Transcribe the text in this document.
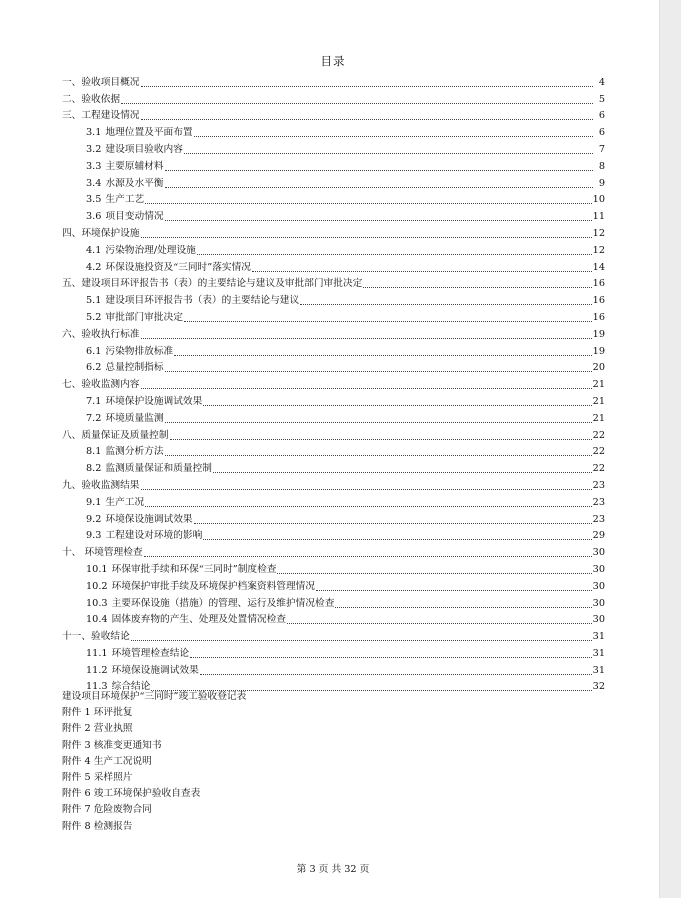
目录
一、验收项目概况	4
二、验收依据	5
三、工程建设情况	6
3.1 地理位置及平面布置	6
3.2 建设项目验收内容	7
3.3 主要原辅材料	8
3.4 水源及水平衡	9
3.5 生产工艺	10
3.6 项目变动情况	11
四、环境保护设施	12
4.1 污染物治理/处理设施	12
4.2 环保设施投资及“三同时”落实情况	14
五、建设项目环评报告书（表）的主要结论与建议及审批部门审批决定	16
5.1 建设项目环评报告书（表）的主要结论与建议	16
5.2 审批部门审批决定	16
六、验收执行标准	19
6.1 污染物排放标准	19
6.2 总量控制指标	20
七、验收监测内容	21
7.1 环境保护设施调试效果	21
7.2 环境质量监测	21
八、质量保证及质量控制	22
8.1 监测分析方法	22
8.2 监测质量保证和质量控制	22
九、验收监测结果	23
9.1 生产工况	23
9.2 环境保设施调试效果	23
9.3 工程建设对环境的影响	29
十、 环境管理检查	30
10.1 环保审批手续和环保“三同时”制度检查	30
10.2 环境保护审批手续及环境保护档案资料管理情况	30
10.3 主要环保设施（措施）的管理、运行及维护情况检查	30
10.4 固体废弃物的产生、处理及处置情况检查	30
十一、验收结论	31
11.1 环境管理检查结论	31
11.2 环境保设施调试效果	31
11.3 综合结论	32
建设项目环境保护“三同时”竣工验收登记表
附件 1 环评批复
附件 2 营业执照
附件 3 核准变更通知书
附件 4 生产工况说明
附件 5 采样照片
附件 6 竣工环境保护验收自查表
附件 7 危险废物合同
附件 8 检测报告
第 3 页 共 32 页
